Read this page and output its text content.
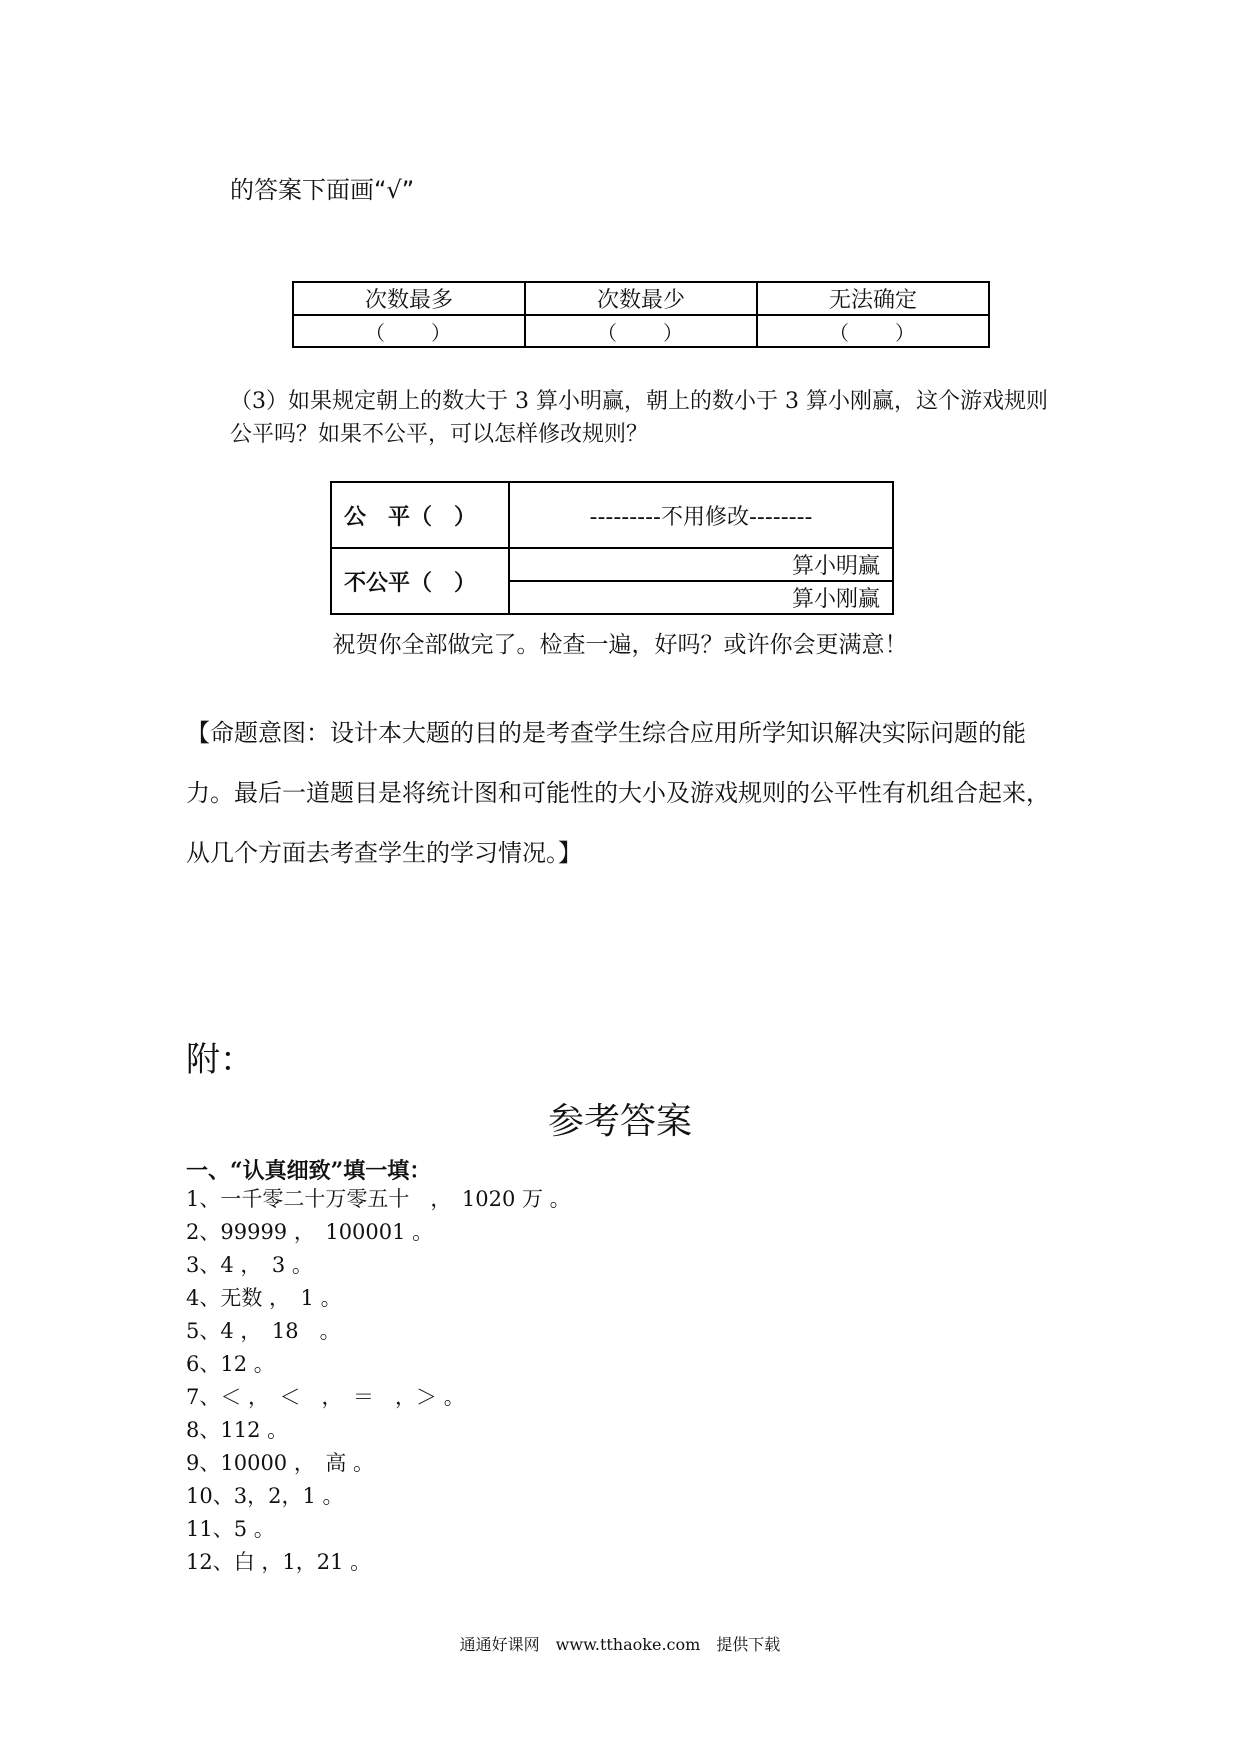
的答案下面画“√”
次数最多	次数最少	无法确定
（　　）	（　　）	（　　）
（3）如果规定朝上的数大于 3 算小明赢，朝上的数小于 3 算小刚赢，这个游戏规则公平吗？如果不公平，可以怎样修改规则？
公　平（　）	---------不用修改--------
不公平（　）	算小明赢
	算小刚赢
祝贺你全部做完了。检查一遍，好吗？或许你会更满意！
【命题意图：设计本大题的目的是考查学生综合应用所学知识解决实际问题的能力。最后一道题目是将统计图和可能性的大小及游戏规则的公平性有机组合起来，从几个方面去考查学生的学习情况。】
附：
参考答案
一、“认真细致”填一填：
1、一千零二十万零五十　，　1020 万 。
2、99999 ，　100001 。
3、4 ，　3 。
4、无数 ，　1 。
5、4 ，　18　。
6、12 。
7、＜ ，　＜　，　＝　，＞ 。
8、112 。
9、10000 ，　高 。
10、3，2，1 。
11、5 。
12、白 ，1，21 。
通通好课网　www.tthaoke.com　提供下载
